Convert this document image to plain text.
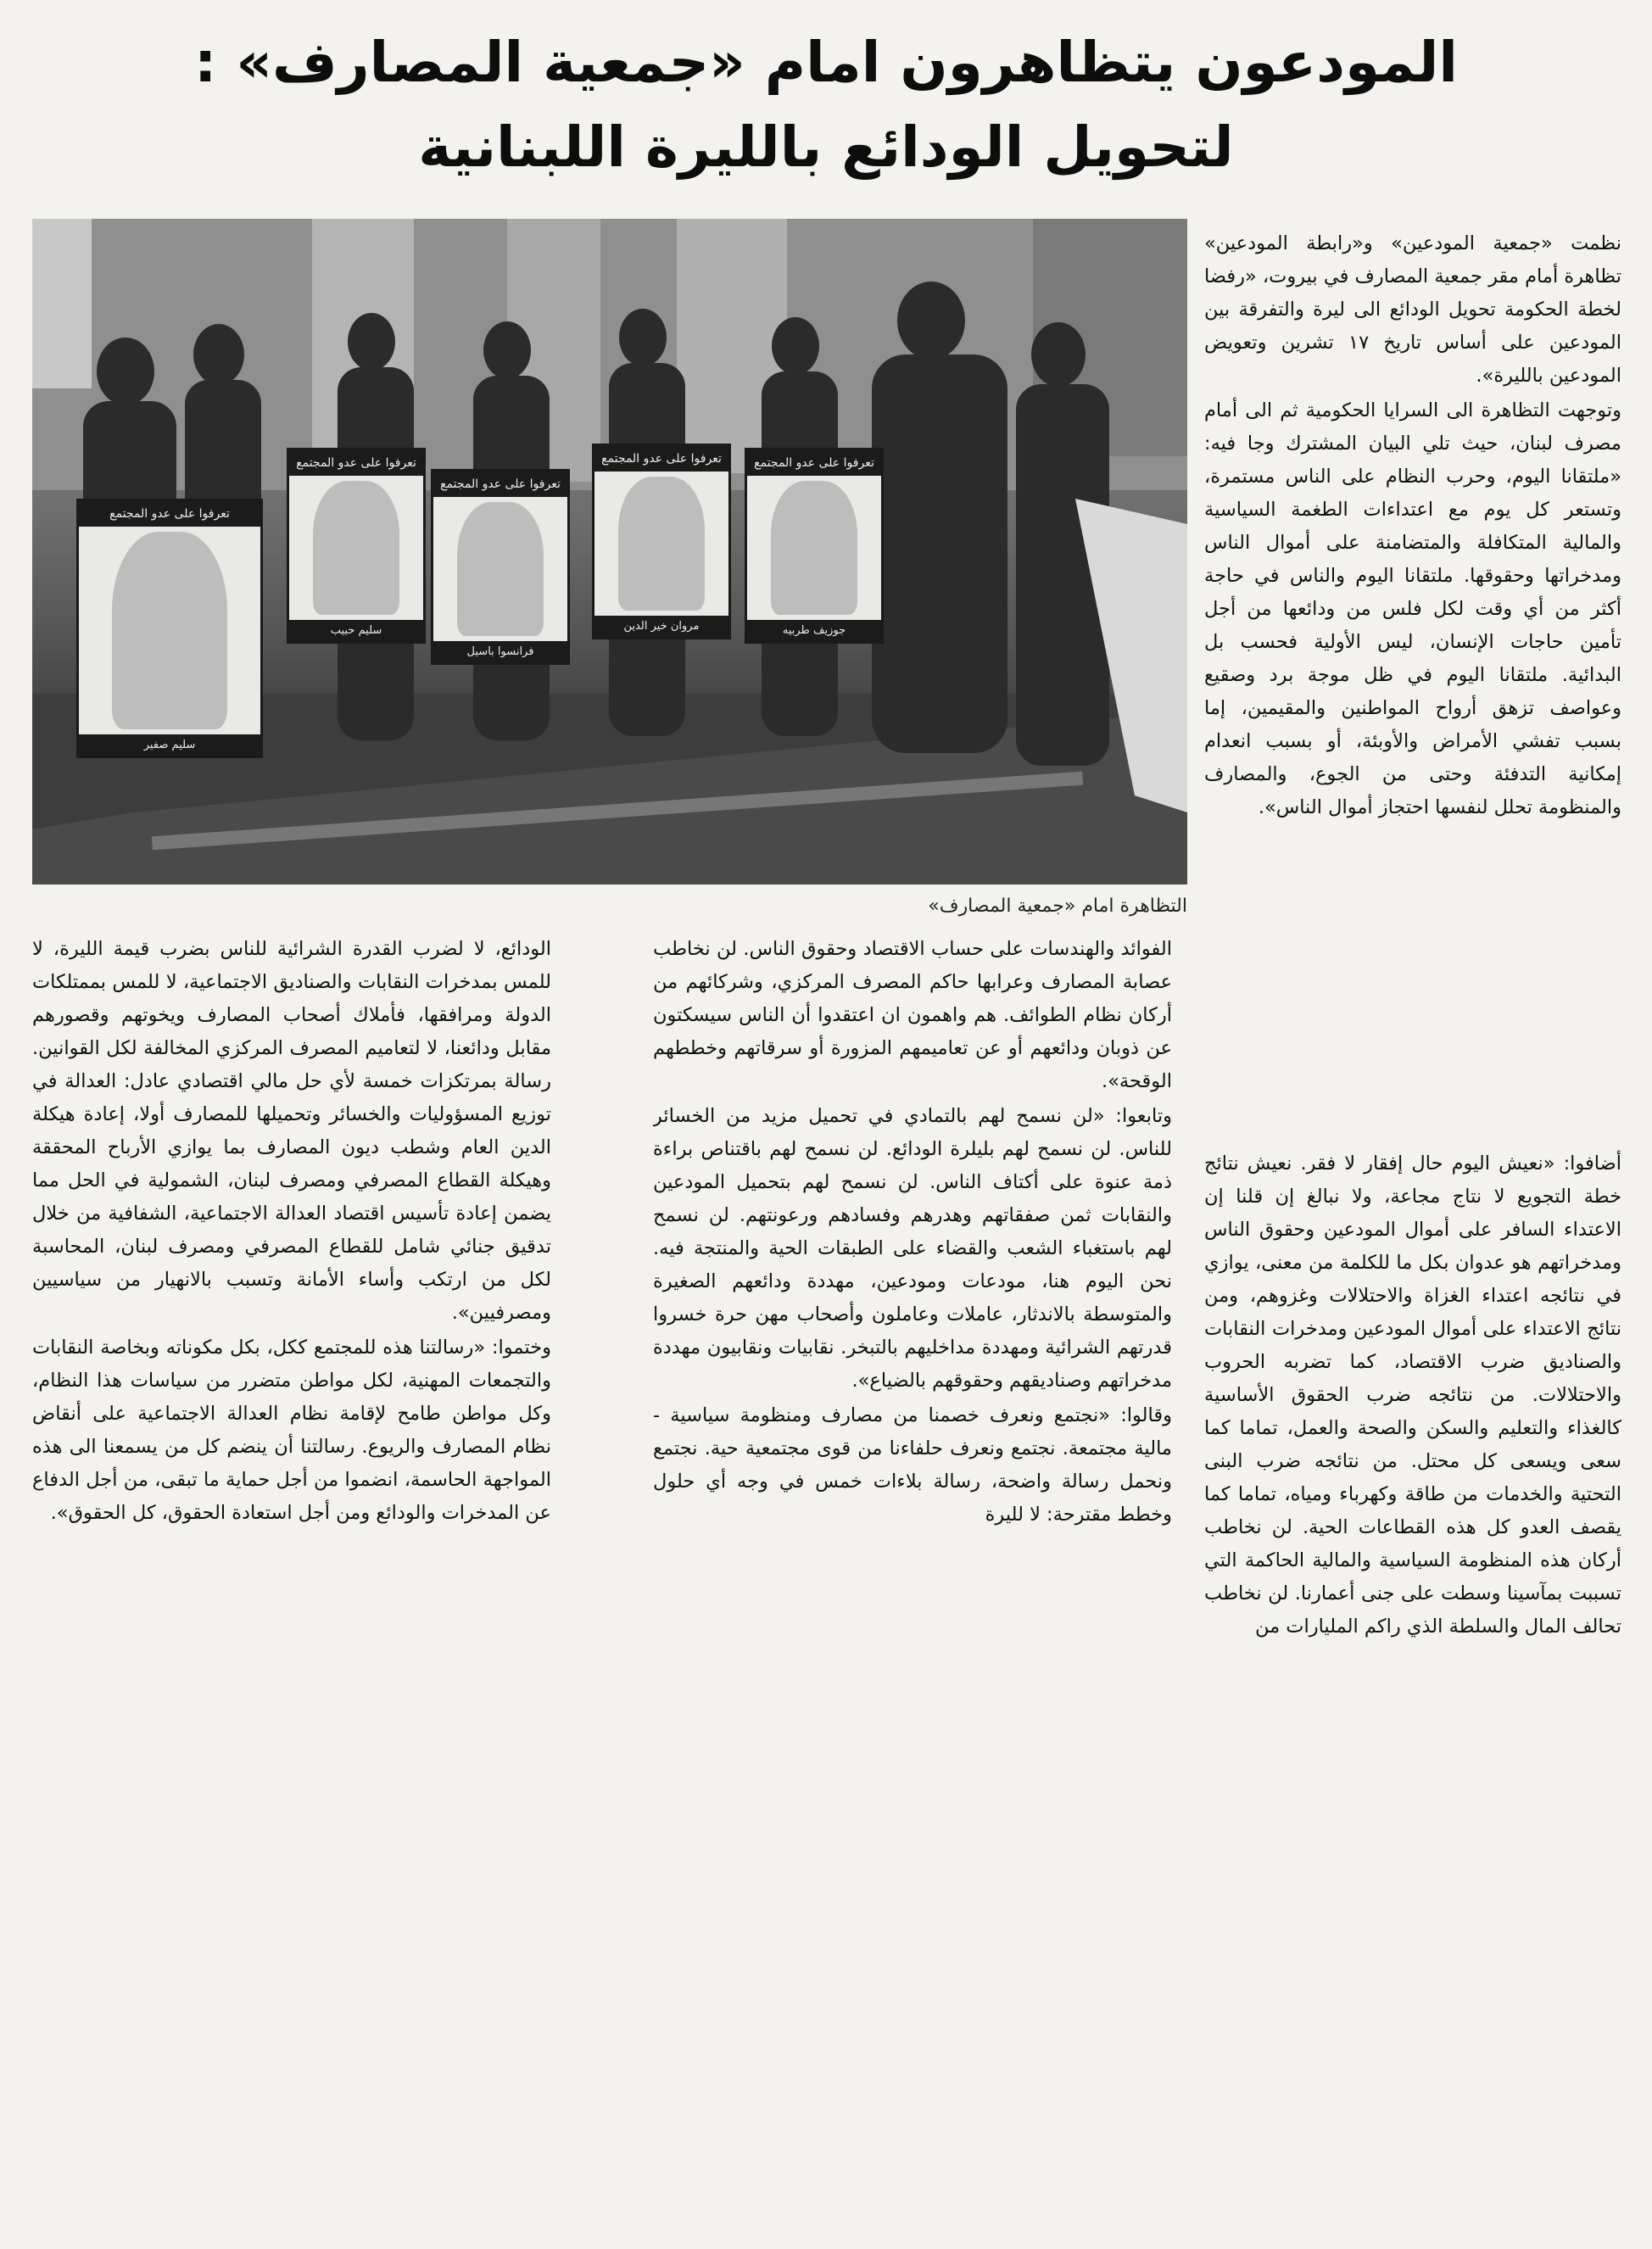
المودعون يتظاهرون امام «جمعية المصارف» :
لتحويل الودائع بالليرة اللبنانية
تعرفوا على عدو المجتمع
سليم صفير
تعرفوا على عدو المجتمع
سليم حبيب
تعرفوا على عدو المجتمع
فرانسوا باسيل
تعرفوا على عدو المجتمع
مروان خير الدين
تعرفوا على عدو المجتمع
جوزيف طربيه
التظاهرة امام «جمعية المصارف»

نظمت «جمعية المودعين» و«رابطة المودعين» تظاهرة أمام مقر جمعية المصارف في بيروت، «رفضا لخطة الحكومة تحويل الودائع الى ليرة والتفرقة بين المودعين على أساس تاريخ ١٧ تشرين وتعويض المودعين بالليرة».

وتوجهت التظاهرة الى السرايا الحكومية ثم الى أمام مصرف لبنان، حيث تلي البيان المشترك وجا فيه: «ملتقانا اليوم، وحرب النظام على الناس مستمرة، وتستعر كل يوم مع اعتداءات الطغمة السياسية والمالية المتكافلة والمتضامنة على أموال الناس ومدخراتها وحقوقها. ملتقانا اليوم والناس في حاجة أكثر من أي وقت لكل فلس من ودائعها من أجل تأمين حاجات الإنسان، ليس الأولية فحسب بل البدائية. ملتقانا اليوم في ظل موجة برد وصقيع وعواصف تزهق أرواح المواطنين والمقيمين، إما بسبب تفشي الأمراض والأوبئة، أو بسبب انعدام إمكانية التدفئة وحتى من الجوع، والمصارف والمنظومة تحلل لنفسها احتجاز أموال الناس».

أضافوا: «نعيش اليوم حال إفقار لا فقر. نعيش نتائج خطة التجويع لا نتاج مجاعة، ولا نبالغ إن قلنا إن الاعتداء السافر على أموال المودعين وحقوق الناس ومدخراتهم هو عدوان بكل ما للكلمة من معنى، يوازي في نتائجه اعتداء الغزاة والاحتلالات وغزوهم، ومن نتائج الاعتداء على أموال المودعين ومدخرات النقابات والصناديق ضرب الاقتصاد، كما تضربه الحروب والاحتلالات. من نتائجه ضرب الحقوق الأساسية كالغذاء والتعليم والسكن والصحة والعمل، تماما كما سعى ويسعى كل محتل. من نتائجه ضرب البنى التحتية والخدمات من طاقة وكهرباء ومياه، تماما كما يقصف العدو كل هذه القطاعات الحية. لن نخاطب أركان هذه المنظومة السياسية والمالية الحاكمة التي تسببت بمآسينا وسطت على جنى أعمارنا. لن نخاطب تحالف المال والسلطة الذي راكم المليارات من

الفوائد والهندسات على حساب الاقتصاد وحقوق الناس. لن نخاطب عصابة المصارف وعرابها حاكم المصرف المركزي، وشركائهم من أركان نظام الطوائف. هم واهمون ان اعتقدوا أن الناس سيسكتون عن ذوبان ودائعهم أو عن تعاميمهم المزورة أو سرقاتهم وخططهم الوقحة».

وتابعوا: «لن نسمح لهم بالتمادي في تحميل مزيد من الخسائر للناس. لن نسمح لهم بليلرة الودائع. لن نسمح لهم باقتناص براءة ذمة عنوة على أكتاف الناس. لن نسمح لهم بتحميل المودعين والنقابات ثمن صفقاتهم وهدرهم وفسادهم ورعونتهم. لن نسمح لهم باستغباء الشعب والقضاء على الطبقات الحية والمنتجة فيه. نحن اليوم هنا، مودعات ومودعين، مهددة ودائعهم الصغيرة والمتوسطة بالاندثار، عاملات وعاملون وأصحاب مهن حرة خسروا قدرتهم الشرائية ومهددة مداخليهم بالتبخر. نقابيات ونقابيون مهددة مدخراتهم وصناديقهم وحقوقهم بالضياع».

وقالوا: «نجتمع ونعرف خصمنا من مصارف ومنظومة سياسية - مالية مجتمعة. نجتمع ونعرف حلفاءنا من قوى مجتمعية حية. نجتمع ونحمل رسالة واضحة، رسالة بلاءات خمس في وجه أي حلول وخطط مقترحة: لا لليرة

الودائع، لا لضرب القدرة الشرائية للناس بضرب قيمة الليرة، لا للمس بمدخرات النقابات والصناديق الاجتماعية، لا للمس بممتلكات الدولة ومرافقها، فأملاك أصحاب المصارف ويخوتهم وقصورهم مقابل ودائعنا، لا لتعاميم المصرف المركزي المخالفة لكل القوانين. رسالة بمرتكزات خمسة لأي حل مالي اقتصادي عادل: العدالة في توزيع المسؤوليات والخسائر وتحميلها للمصارف أولا، إعادة هيكلة الدين العام وشطب ديون المصارف بما يوازي الأرباح المحققة وهيكلة القطاع المصرفي ومصرف لبنان، الشمولية في الحل مما يضمن إعادة تأسيس اقتصاد العدالة الاجتماعية، الشفافية من خلال تدقيق جنائي شامل للقطاع المصرفي ومصرف لبنان، المحاسبة لكل من ارتكب وأساء الأمانة وتسبب بالانهيار من سياسيين ومصرفيين».

وختموا: «رسالتنا هذه للمجتمع ككل، بكل مكوناته وبخاصة النقابات والتجمعات المهنية، لكل مواطن متضرر من سياسات هذا النظام، وكل مواطن طامح لإقامة نظام العدالة الاجتماعية على أنقاض نظام المصارف والريوع. رسالتنا أن ينضم كل من يسمعنا الى هذه المواجهة الحاسمة، انضموا من أجل حماية ما تبقى، من أجل الدفاع عن المدخرات والودائع ومن أجل استعادة الحقوق، كل الحقوق».
